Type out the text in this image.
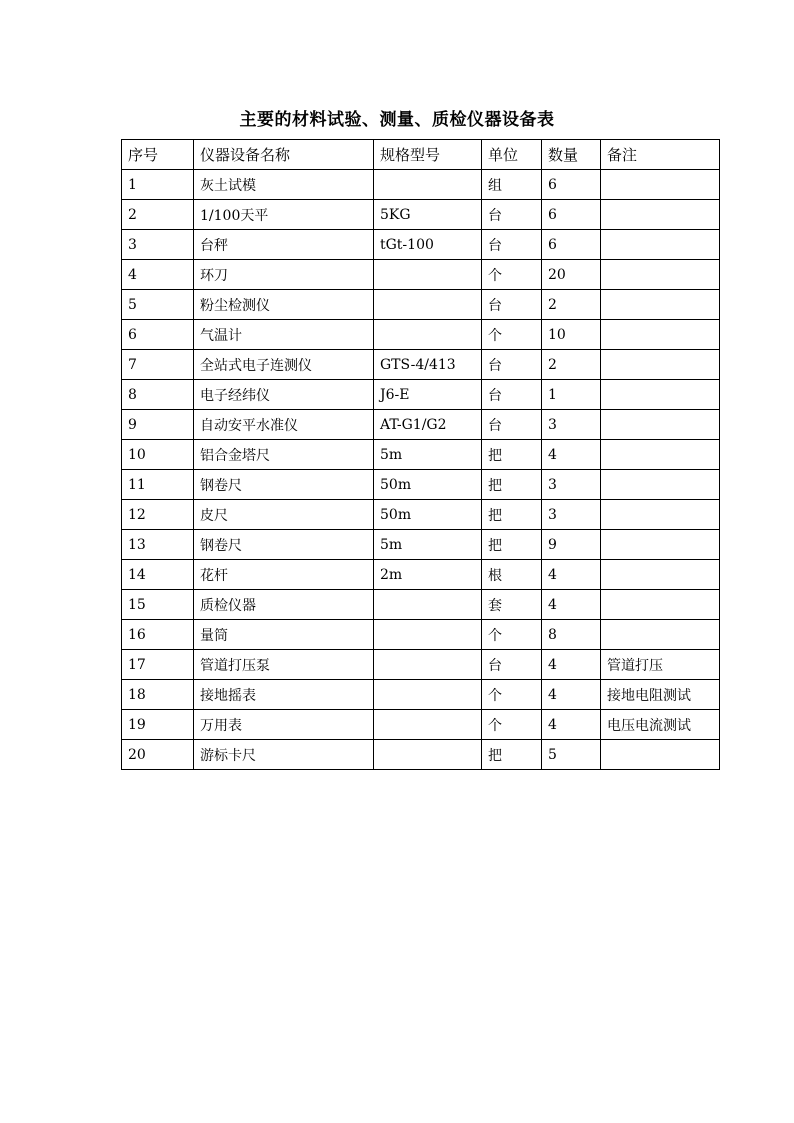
主要的材料试验、测量、质检仪器设备表
序号	仪器设备名称	规格型号	单位	数量	备注
1	灰土试模		组	6	
2	1/100天平	5KG	台	6	
3	台秤	tGt-100	台	6	
4	环刀		个	20	
5	粉尘检测仪		台	2	
6	气温计		个	10	
7	全站式电子连测仪	GTS-4/413	台	2	
8	电子经纬仪	J6-E	台	1	
9	自动安平水准仪	AT-G1/G2	台	3	
10	铝合金塔尺	5m	把	4	
11	钢卷尺	50m	把	3	
12	皮尺	50m	把	3	
13	钢卷尺	5m	把	9	
14	花杆	2m	根	4	
15	质检仪器		套	4	
16	量筒		个	8	
17	管道打压泵		台	4	管道打压
18	接地摇表		个	4	接地电阻测试
19	万用表		个	4	电压电流测试
20	游标卡尺		把	5	
